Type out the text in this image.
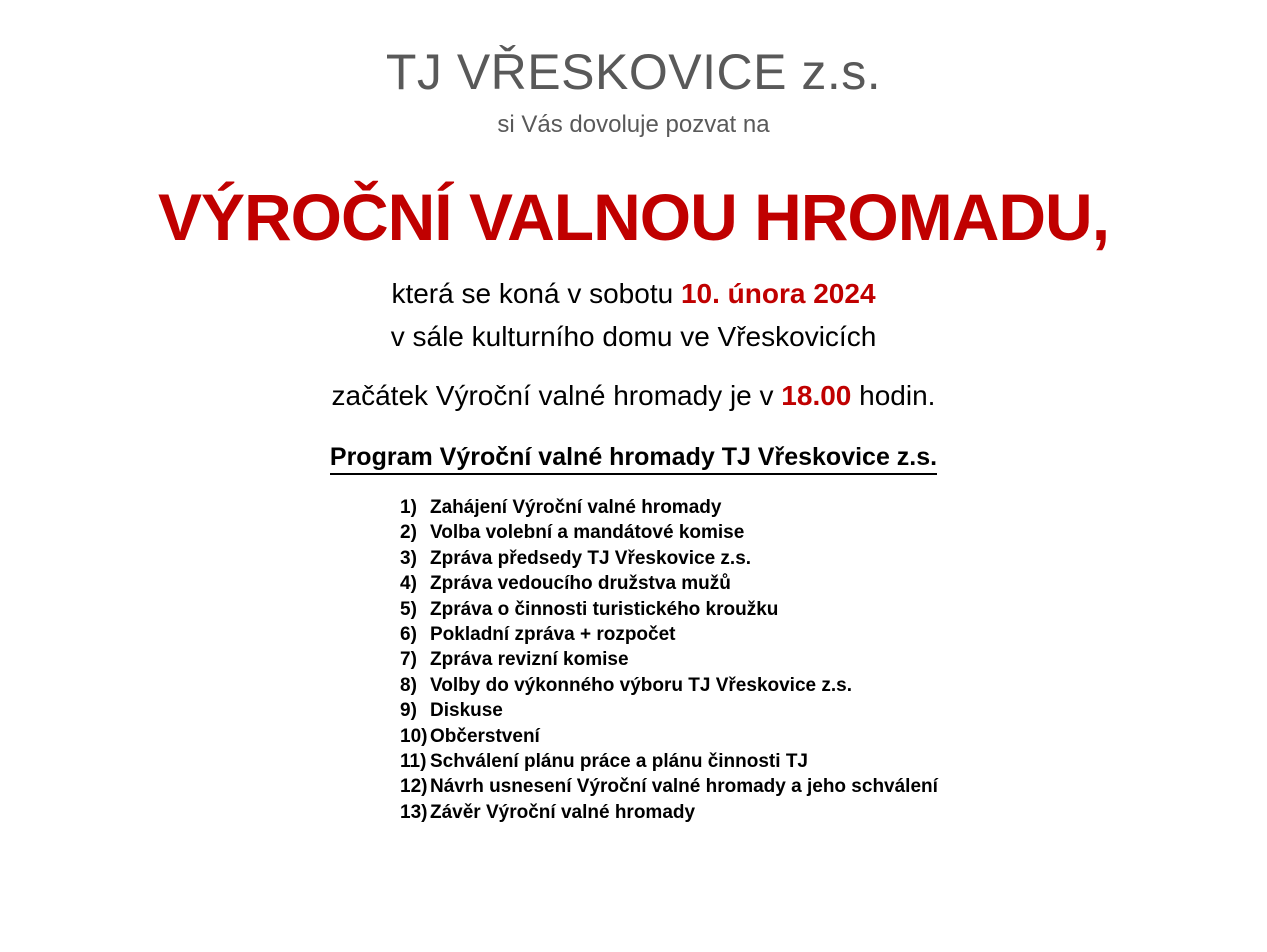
TJ VŘESKOVICE z.s.
si Vás dovoluje pozvat na
VÝROČNÍ VALNOU HROMADU,
která se koná v sobotu 10. února 2024
v sále kulturního domu ve Vřeskovicích
začátek Výroční valné hromady je v 18.00 hodin.
Program Výroční valné hromady TJ Vřeskovice z.s.
1) Zahájení Výroční valné hromady
2) Volba volební a mandátové komise
3) Zpráva předsedy TJ Vřeskovice z.s.
4) Zpráva vedoucího družstva mužů
5) Zpráva o činnosti turistického kroužku
6) Pokladní zpráva + rozpočet
7) Zpráva revizní komise
8) Volby do výkonného výboru TJ Vřeskovice z.s.
9) Diskuse
10) Občerstvení
11) Schválení plánu práce a plánu činnosti TJ
12) Návrh usnesení Výroční valné hromady a jeho schválení
13) Závěr Výroční valné hromady
